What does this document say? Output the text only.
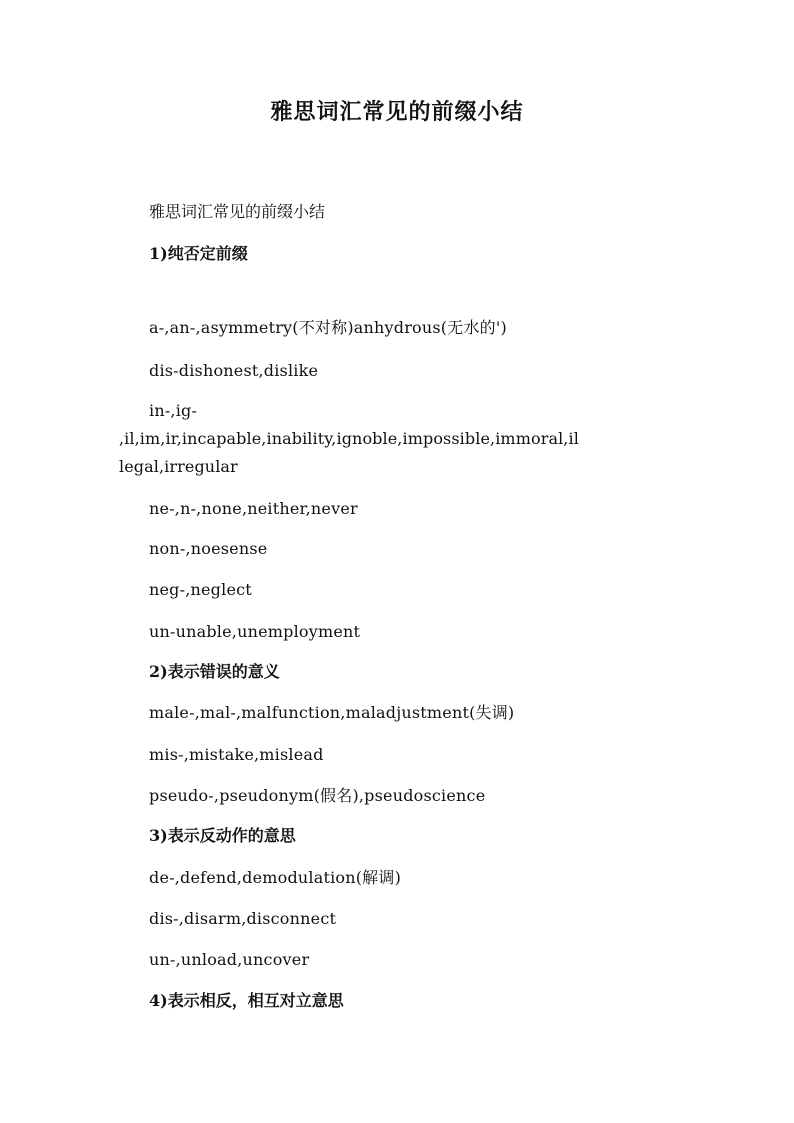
雅思词汇常见的前缀小结
雅思词汇常见的前缀小结
1)纯否定前缀
a-,an-,asymmetry(不对称)anhydrous(无水的')
dis-dishonest,dislike
in-,ig-
,il,im,ir,incapable,inability,ignoble,impossible,immoral,il
legal,irregular
ne-,n-,none,neither,never
non-,noesense
neg-,neglect
un-unable,unemployment
2)表示错误的意义
male-,mal-,malfunction,maladjustment(失调)
mis-,mistake,mislead
pseudo-,pseudonym(假名),pseudoscience
3)表示反动作的意思
de-,defend,demodulation(解调)
dis-,disarm,disconnect
un-,unload,uncover
4)表示相反，相互对立意思
